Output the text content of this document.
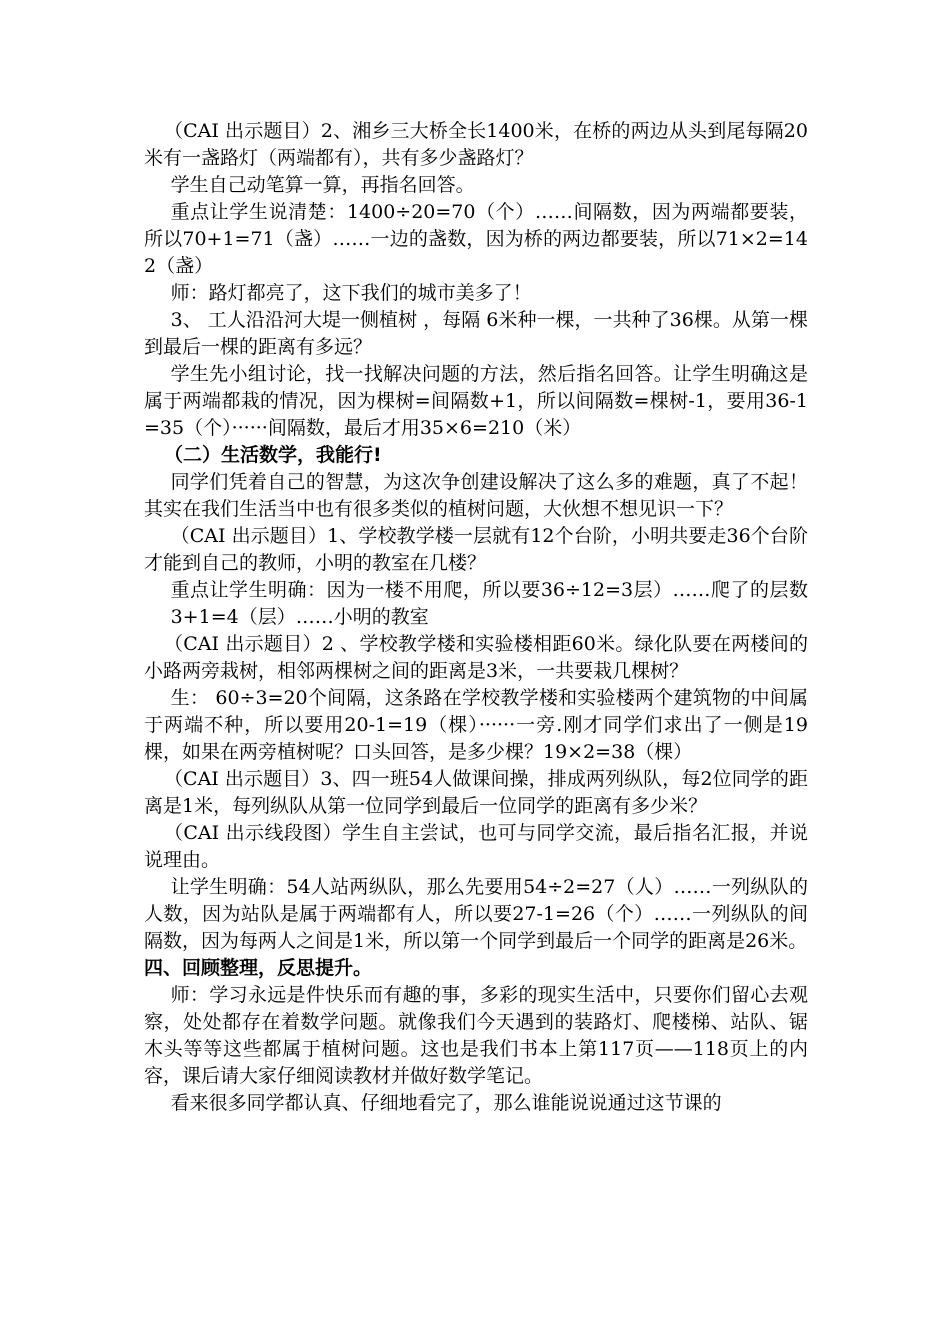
（CAI 出示题目）2、湘乡三大桥全长1400米，在桥的两边从头到尾每隔20米有一盏路灯（两端都有），共有多少盏路灯？

学生自己动笔算一算，再指名回答。

重点让学生说清楚：1400÷20=70（个）……间隔数，因为两端都要装，所以70+1=71（盏）……一边的盏数，因为桥的两边都要装，所以71×2=142（盏）

师：路灯都亮了，这下我们的城市美多了！

3、 工人沿沿河大堤一侧植树 ，每隔 6米种一棵，一共种了36棵。从第一棵到最后一棵的距离有多远？

学生先小组讨论，找一找解决问题的方法，然后指名回答。让学生明确这是属于两端都栽的情况，因为棵树=间隔数+1，所以间隔数=棵树-1，要用36-1=35（个）······间隔数，最后才用35×6=210（米）

（二）生活数学，我能行!

同学们凭着自己的智慧，为这次争创建设解决了这么多的难题，真了不起！其实在我们生活当中也有很多类似的植树问题，大伙想不想见识一下？

（CAI 出示题目）1、学校教学楼一层就有12个台阶，小明共要走36个台阶才能到自己的教师，小明的教室在几楼？

重点让学生明确：因为一楼不用爬，所以要36÷12=3层）……爬了的层数 3+1=4（层）……小明的教室

（CAI 出示题目）2 、学校教学楼和实验楼相距60米。绿化队要在两楼间的小路两旁栽树，相邻两棵树之间的距离是3米，一共要栽几棵树？

生： 60÷3=20个间隔，这条路在学校教学楼和实验楼两个建筑物的中间属于两端不种，所以要用20-1=19（棵）······一旁.刚才同学们求出了一侧是19棵，如果在两旁植树呢？口头回答，是多少棵？19×2=38（棵）

（CAI 出示题目）3、四一班54人做课间操，排成两列纵队，每2位同学的距离是1米，每列纵队从第一位同学到最后一位同学的距离有多少米？

（CAI 出示线段图）学生自主尝试，也可与同学交流，最后指名汇报，并说说理由。

让学生明确：54人站两纵队，那么先要用54÷2=27（人）……一列纵队的人数，因为站队是属于两端都有人，所以要27-1=26（个）……一列纵队的间隔数，因为每两人之间是1米，所以第一个同学到最后一个同学的距离是26米。

四、回顾整理，反思提升。

师：学习永远是件快乐而有趣的事，多彩的现实生活中，只要你们留心去观察，处处都存在着数学问题。就像我们今天遇到的装路灯、爬楼梯、站队、锯木头等等这些都属于植树问题。这也是我们书本上第117页——118页上的内容，课后请大家仔细阅读教材并做好数学笔记。

看来很多同学都认真、仔细地看完了，那么谁能说说通过这节课的
